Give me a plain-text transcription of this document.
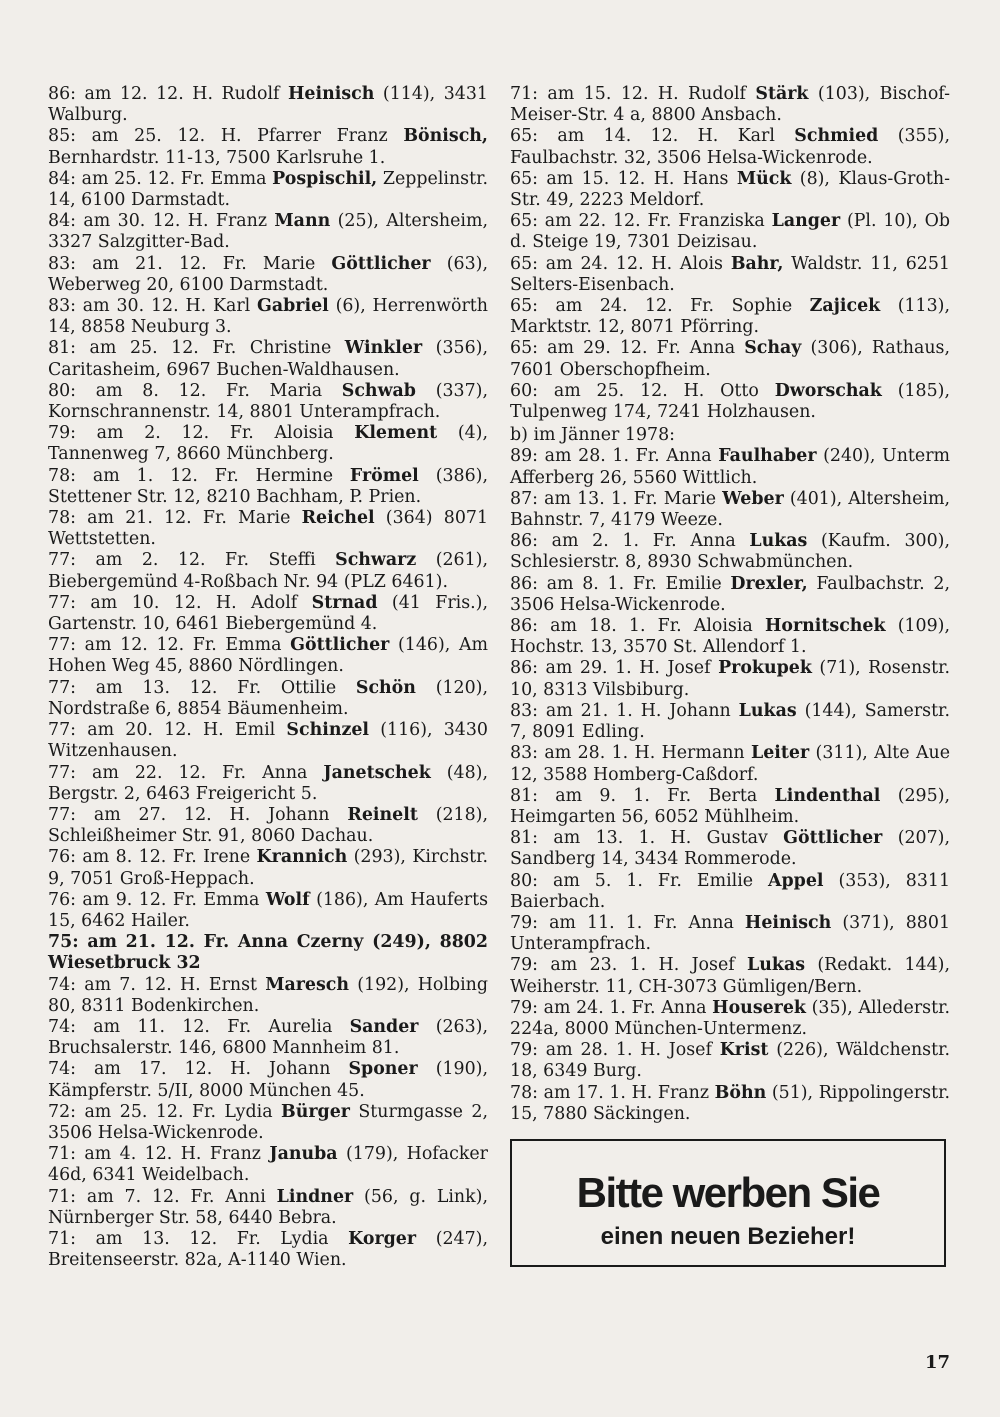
86: am 12. 12. H. Rudolf Heinisch (114), 3431 Walburg.
85: am 25. 12. H. Pfarrer Franz Bönisch, Bernhardstr. 11-13, 7500 Karlsruhe 1.
84: am 25. 12. Fr. Emma Pospischil, Zeppelinstr. 14, 6100 Darmstadt.
84: am 30. 12. H. Franz Mann (25), Altersheim, 3327 Salzgitter-Bad.
83: am 21. 12. Fr. Marie Göttlicher (63), Weberweg 20, 6100 Darmstadt.
83: am 30. 12. H. Karl Gabriel (6), Herrenwörth 14, 8858 Neuburg 3.
81: am 25. 12. Fr. Christine Winkler (356), Caritasheim, 6967 Buchen-Waldhausen.
80: am 8. 12. Fr. Maria Schwab (337), Kornschrannenstr. 14, 8801 Unterampfrach.
79: am 2. 12. Fr. Aloisia Klement (4), Tannenweg 7, 8660 Münchberg.
78: am 1. 12. Fr. Hermine Frömel (386), Stettener Str. 12, 8210 Bachham, P. Prien.
78: am 21. 12. Fr. Marie Reichel (364) 8071 Wettstetten.
77: am 2. 12. Fr. Steffi Schwarz (261), Biebergemünd 4-Roßbach Nr. 94 (PLZ 6461).
77: am 10. 12. H. Adolf Strnad (41 Fris.), Gartenstr. 10, 6461 Biebergemünd 4.
77: am 12. 12. Fr. Emma Göttlicher (146), Am Hohen Weg 45, 8860 Nördlingen.
77: am 13. 12. Fr. Ottilie Schön (120), Nordstraße 6, 8854 Bäumenheim.
77: am 20. 12. H. Emil Schinzel (116), 3430 Witzenhausen.
77: am 22. 12. Fr. Anna Janetschek (48), Bergstr. 2, 6463 Freigericht 5.
77: am 27. 12. H. Johann Reinelt (218), Schleißheimer Str. 91, 8060 Dachau.
76: am 8. 12. Fr. Irene Krannich (293), Kirchstr. 9, 7051 Groß-Heppach.
76: am 9. 12. Fr. Emma Wolf (186), Am Hauferts 15, 6462 Hailer.
75: am 21. 12. Fr. Anna Czerny (249), 8802 Wiesetbruck 32
74: am 7. 12. H. Ernst Maresch (192), Holbing 80, 8311 Bodenkirchen.
74: am 11. 12. Fr. Aurelia Sander (263), Bruchsalerstr. 146, 6800 Mannheim 81.
74: am 17. 12. H. Johann Sponer (190), Kämpferstr. 5/II, 8000 München 45.
72: am 25. 12. Fr. Lydia Bürger Sturmgasse 2, 3506 Helsa-Wickenrode.
71: am 4. 12. H. Franz Januba (179), Hofacker 46d, 6341 Weidelbach.
71: am 7. 12. Fr. Anni Lindner (56, g. Link), Nürnberger Str. 58, 6440 Bebra.
71: am 13. 12. Fr. Lydia Korger (247), Breitenseerstr. 82a, A-1140 Wien.
71: am 15. 12. H. Rudolf Stärk (103), Bischof-Meiser-Str. 4 a, 8800 Ansbach.
65: am 14. 12. H. Karl Schmied (355), Faulbachstr. 32, 3506 Helsa-Wickenrode.
65: am 15. 12. H. Hans Mück (8), Klaus-Groth-Str. 49, 2223 Meldorf.
65: am 22. 12. Fr. Franziska Langer (Pl. 10), Ob d. Steige 19, 7301 Deizisau.
65: am 24. 12. H. Alois Bahr, Waldstr. 11, 6251 Selters-Eisenbach.
65: am 24. 12. Fr. Sophie Zajicek (113), Marktstr. 12, 8071 Pförring.
65: am 29. 12. Fr. Anna Schay (306), Rathaus, 7601 Oberschopfheim.
60: am 25. 12. H. Otto Dworschak (185), Tulpenweg 174, 7241 Holzhausen.
b) im Jänner 1978:
89: am 28. 1. Fr. Anna Faulhaber (240), Unterm Afferberg 26, 5560 Wittlich.
87: am 13. 1. Fr. Marie Weber (401), Altersheim, Bahnstr. 7, 4179 Weeze.
86: am 2. 1. Fr. Anna Lukas (Kaufm. 300), Schlesierstr. 8, 8930 Schwabmünchen.
86: am 8. 1. Fr. Emilie Drexler, Faulbachstr. 2, 3506 Helsa-Wickenrode.
86: am 18. 1. Fr. Aloisia Hornitschek (109), Hochstr. 13, 3570 St. Allendorf 1.
86: am 29. 1. H. Josef Prokupek (71), Rosenstr. 10, 8313 Vilsbiburg.
83: am 21. 1. H. Johann Lukas (144), Samerstr. 7, 8091 Edling.
83: am 28. 1. H. Hermann Leiter (311), Alte Aue 12, 3588 Homberg-Caßdorf.
81: am 9. 1. Fr. Berta Lindenthal (295), Heimgarten 56, 6052 Mühlheim.
81: am 13. 1. H. Gustav Göttlicher (207), Sandberg 14, 3434 Rommerode.
80: am 5. 1. Fr. Emilie Appel (353), 8311 Baierbach.
79: am 11. 1. Fr. Anna Heinisch (371), 8801 Unterampfrach.
79: am 23. 1. H. Josef Lukas (Redakt. 144), Weiherstr. 11, CH-3073 Gümligen/Bern.
79: am 24. 1. Fr. Anna Houserek (35), Allederstr. 224a, 8000 München-Untermenz.
79: am 28. 1. H. Josef Krist (226), Wäldchenstr. 18, 6349 Burg.
78: am 17. 1. H. Franz Böhn (51), Rippolingerstr. 15, 7880 Säckingen.
Bitte werben Sie
einen neuen Bezieher!
17
